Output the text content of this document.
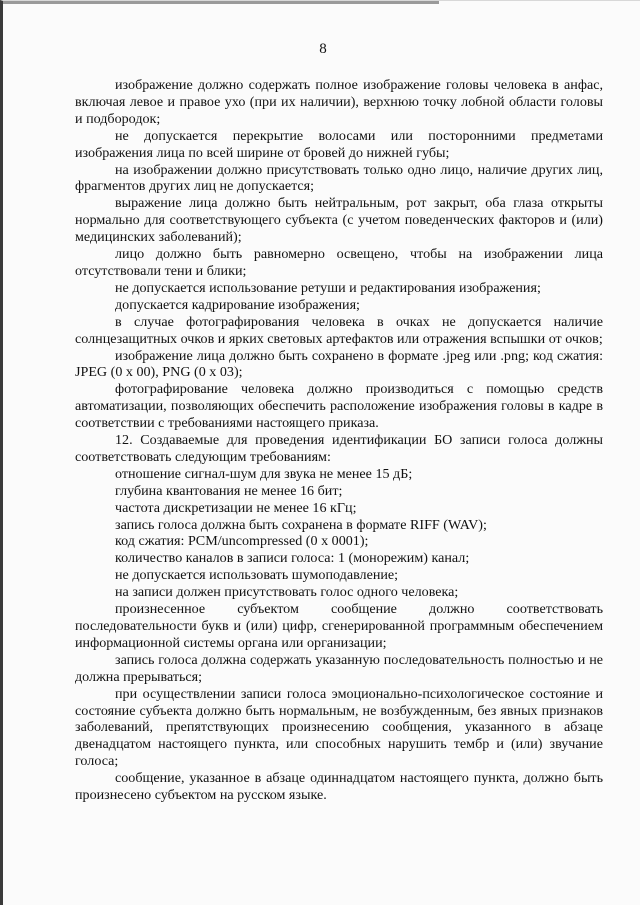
8

изображение должно содержать полное изображение головы человека в анфас, включая левое и правое ухо (при их наличии), верхнюю точку лобной области головы и подбородок;

не допускается перекрытие волосами или посторонними предметами изображения лица по всей ширине от бровей до нижней губы;

на изображении должно присутствовать только одно лицо, наличие других лиц, фрагментов других лиц не допускается;

выражение лица должно быть нейтральным, рот закрыт, оба глаза открыты нормально для соответствующего субъекта (с учетом поведенческих факторов и (или) медицинских заболеваний);

лицо должно быть равномерно освещено, чтобы на изображении лица отсутствовали тени и блики;

не допускается использование ретуши и редактирования изображения;

допускается кадрирование изображения;

в случае фотографирования человека в очках не допускается наличие солнцезащитных очков и ярких световых артефактов или отражения вспышки от очков;

изображение лица должно быть сохранено в формате .jpeg или .png; код сжатия: JPEG (0 x 00), PNG (0 x 03);

фотографирование человека должно производиться с помощью средств автоматизации, позволяющих обеспечить расположение изображения головы в кадре в соответствии с требованиями настоящего приказа.

12. Создаваемые для проведения идентификации БО записи голоса должны соответствовать следующим требованиям:

отношение сигнал-шум для звука не менее 15 дБ;

глубина квантования не менее 16 бит;

частота дискретизации не менее 16 кГц;

запись голоса должна быть сохранена в формате RIFF (WAV);

код сжатия: PCM/uncompressed (0 x 0001);

количество каналов в записи голоса: 1 (монорежим) канал;

не допускается использовать шумоподавление;

на записи должен присутствовать голос одного человека;

произнесенное субъектом сообщение должно соответствовать последовательности букв и (или) цифр, сгенерированной программным обеспечением информационной системы органа или организации;

запись голоса должна содержать указанную последовательность полностью и не должна прерываться;

при осуществлении записи голоса эмоционально-психологическое состояние и состояние субъекта должно быть нормальным, не возбужденным, без явных признаков заболеваний, препятствующих произнесению сообщения, указанного в абзаце двенадцатом настоящего пункта, или способных нарушить тембр и (или) звучание голоса;

сообщение, указанное в абзаце одиннадцатом настоящего пункта, должно быть произнесено субъектом на русском языке.
